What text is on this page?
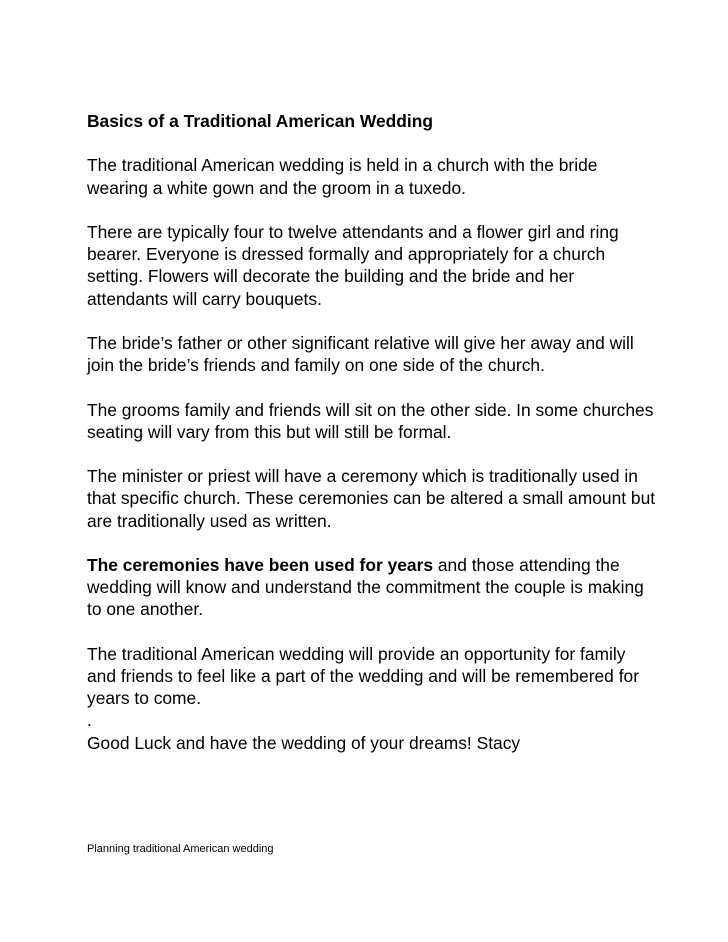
Basics of a Traditional American Wedding

The traditional American wedding is held in a church with the bride wearing a white gown and the groom in a tuxedo.

There are typically four to twelve attendants and a flower girl and ring bearer. Everyone is dressed formally and appropriately for a church setting. Flowers will decorate the building and the bride and her attendants will carry bouquets.

The bride’s father or other significant relative will give her away and will join the bride’s friends and family on one side of the church.

The grooms family and friends will sit on the other side. In some churches seating will vary from this but will still be formal.

The minister or priest will have a ceremony which is traditionally used in that specific church. These ceremonies can be altered a small amount but are traditionally used as written.

The ceremonies have been used for years and those attending the wedding will know and understand the commitment the couple is making to one another.

The traditional American wedding will provide an opportunity for family and friends to feel like a part of the wedding and will be remembered for years to come.

.

Good Luck and have the wedding of your dreams! Stacy

Planning traditional American wedding
